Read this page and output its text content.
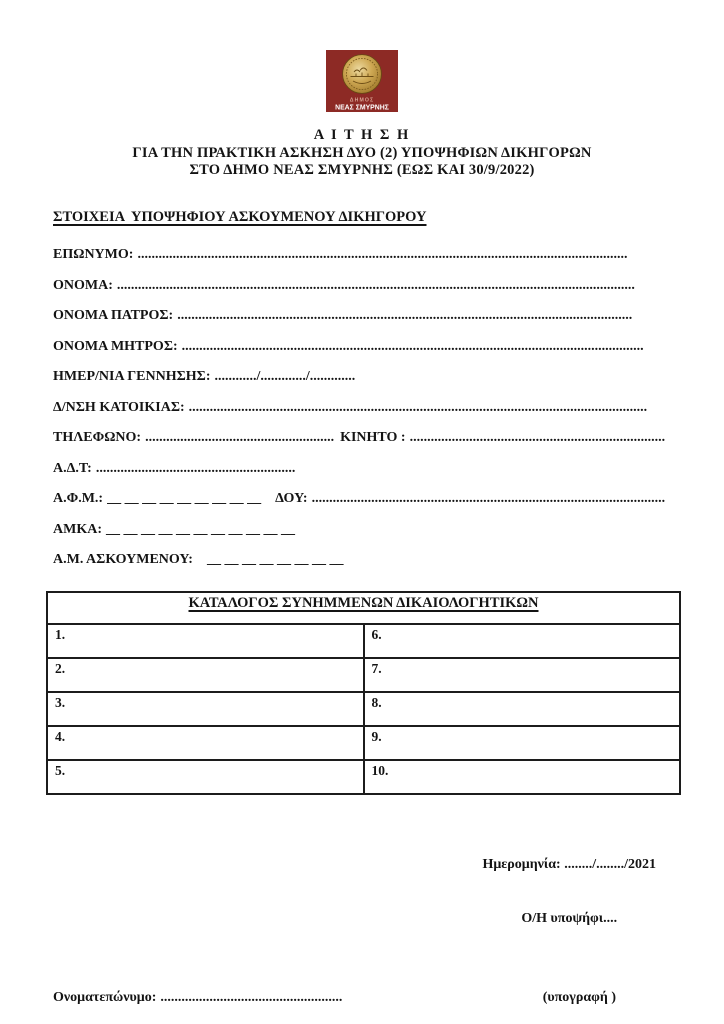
ΔΗΜΟΣ
ΝΕΑΣ ΣΜΥΡΝΗΣ
Α Ι Τ Η Σ Η
ΓΙΑ ΤΗΝ ΠΡΑΚΤΙΚΗ ΑΣΚΗΣΗ ΔΥΟ (2) ΥΠΟΨΗΦΙΩΝ ΔΙΚΗΓΟΡΩΝ
ΣΤΟ ΔΗΜΟ ΝΕΑΣ ΣΜΥΡΝΗΣ (ΕΩΣ ΚΑΙ 30/9/2022)
ΣΤΟΙΧΕΙΑ  ΥΠΟΨΗΦΙΟΥ ΑΣΚΟΥΜΕΝΟΥ ΔΙΚΗΓΟΡΟΥ
ΕΠΩΝΥΜΟ: ............................................................................................................................................
ΟΝΟΜΑ: ....................................................................................................................................................
ΟΝΟΜΑ ΠΑΤΡΟΣ: ..................................................................................................................................
ΟΝΟΜΑ ΜΗΤΡΟΣ: ....................................................................................................................................
ΗΜΕΡ/ΝΙΑ ΓΕΝΝΗΣΗΣ: ............/............./.............
Δ/ΝΣΗ ΚΑΤΟΙΚΙΑΣ: ...................................................................................................................................
ΤΗΛΕΦΩΝΟ: ...................................................... ΚΙΝΗΤΟ : .........................................................................
Α.Δ.Τ: .........................................................
Α.Φ.Μ.: __ __ __ __ __ __ __ __ __ ΔΟΥ: .....................................................................................................
ΑΜΚΑ: __ __ __ __ __ __ __ __ __ __ __
Α.Μ. ΑΣΚΟΥΜΕΝΟΥ: __ __ __ __ __ __ __ __
ΚΑΤΑΛΟΓΟΣ ΣΥΝΗΜΜΕΝΩΝ ΔΙΚΑΙΟΛΟΓΗΤΙΚΩΝ	
1.	6.
2.	7.
3.	8.
4.	9.
5.	10.

Ημερομηνία: ......../......../2021

Ο/Η υποψήφι....

Ονοματεπώνυμο: ....................................................	(υπογραφή )
